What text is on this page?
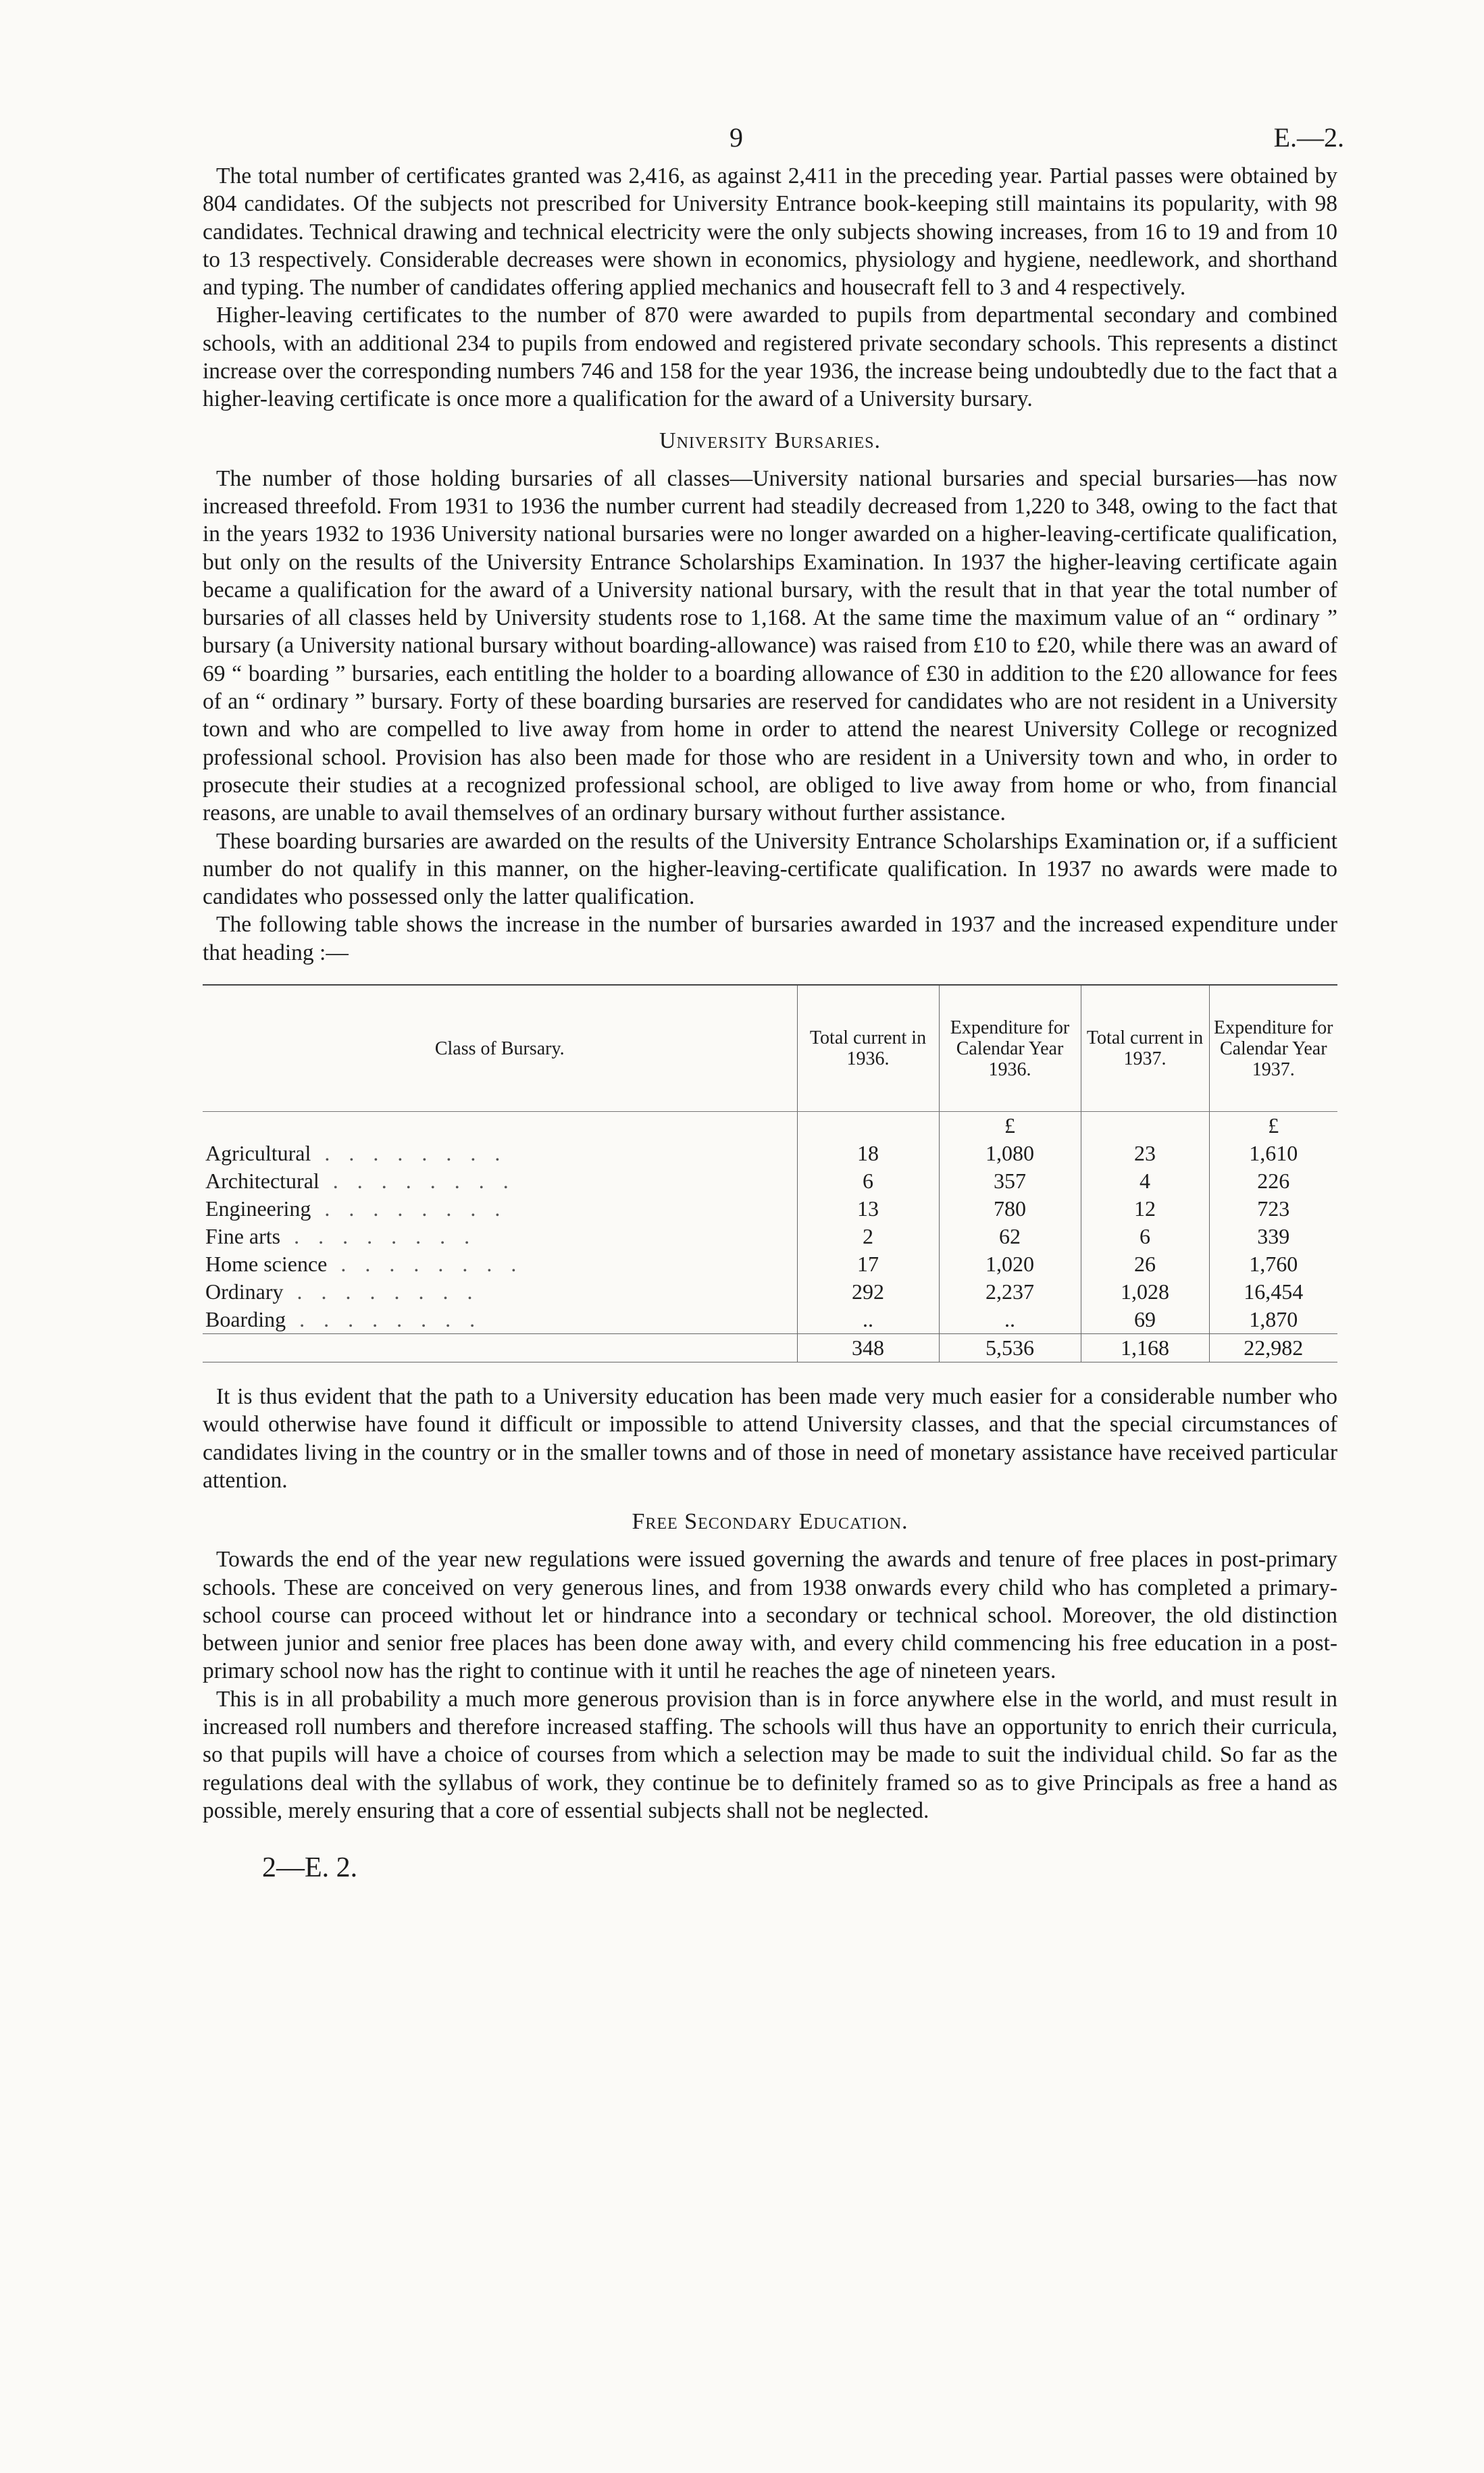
9	E.—2.

The total number of certificates granted was 2,416, as against 2,411 in the preceding year. Partial passes were obtained by 804 candidates. Of the subjects not prescribed for University Entrance book-keeping still maintains its popularity, with 98 candidates. Technical drawing and technical electricity were the only subjects showing increases, from 16 to 19 and from 10 to 13 respectively. Considerable decreases were shown in economics, physiology and hygiene, needlework, and shorthand and typing. The number of candidates offering applied mechanics and housecraft fell to 3 and 4 respectively.

Higher-leaving certificates to the number of 870 were awarded to pupils from departmental secondary and combined schools, with an additional 234 to pupils from endowed and registered private secondary schools. This represents a distinct increase over the corresponding numbers 746 and 158 for the year 1936, the increase being undoubtedly due to the fact that a higher-leaving certificate is once more a qualification for the award of a University bursary.

University Bursaries.

The number of those holding bursaries of all classes—University national bursaries and special bursaries—has now increased threefold. From 1931 to 1936 the number current had steadily decreased from 1,220 to 348, owing to the fact that in the years 1932 to 1936 University national bursaries were no longer awarded on a higher-leaving-certificate qualification, but only on the results of the University Entrance Scholarships Examination. In 1937 the higher-leaving certificate again became a qualification for the award of a University national bursary, with the result that in that year the total number of bursaries of all classes held by University students rose to 1,168. At the same time the maximum value of an “ ordinary ” bursary (a University national bursary without boarding-allowance) was raised from £10 to £20, while there was an award of 69 “ boarding ” bursaries, each entitling the holder to a boarding allowance of £30 in addition to the £20 allowance for fees of an “ ordinary ” bursary. Forty of these boarding bursaries are reserved for candidates who are not resident in a University town and who are compelled to live away from home in order to attend the nearest University College or recognized professional school. Provision has also been made for those who are resident in a University town and who, in order to prosecute their studies at a recognized professional school, are obliged to live away from home or who, from financial reasons, are unable to avail themselves of an ordinary bursary without further assistance.

These boarding bursaries are awarded on the results of the University Entrance Scholarships Examination or, if a sufficient number do not qualify in this manner, on the higher-leaving-certificate qualification. In 1937 no awards were made to candidates who possessed only the latter qualification.

The following table shows the increase in the number of bursaries awarded in 1937 and the increased expenditure under that heading :—

Class of Bursary.	Total current in 1936.	Expenditure for Calendar Year 1936.	Total current in 1937.	Expenditure for Calendar Year 1937.
		£		£
Agricultural . . . . . . . .	18	1,080	23	1,610
Architectural . . . . . . . .	6	357	4	226
Engineering . . . . . . . .	13	780	12	723
Fine arts . . . . . . . .	2	62	6	339
Home science . . . . . . . .	17	1,020	26	1,760
Ordinary . . . . . . . .	292	2,237	1,028	16,454
Boarding . . . . . . . .	..	..	69	1,870
	348	5,536	1,168	22,982

It is thus evident that the path to a University education has been made very much easier for a considerable number who would otherwise have found it difficult or impossible to attend University classes, and that the special circumstances of candidates living in the country or in the smaller towns and of those in need of monetary assistance have received particular attention.

Free Secondary Education.

Towards the end of the year new regulations were issued governing the awards and tenure of free places in post-primary schools. These are conceived on very generous lines, and from 1938 onwards every child who has completed a primary-school course can proceed without let or hindrance into a secondary or technical school. Moreover, the old distinction between junior and senior free places has been done away with, and every child commencing his free education in a post-primary school now has the right to continue with it until he reaches the age of nineteen years.

This is in all probability a much more generous provision than is in force anywhere else in the world, and must result in increased roll numbers and therefore increased staffing. The schools will thus have an opportunity to enrich their curricula, so that pupils will have a choice of courses from which a selection may be made to suit the individual child. So far as the regulations deal with the syllabus of work, they continue be to definitely framed so as to give Principals as free a hand as possible, merely ensuring that a core of essential subjects shall not be neglected.

2—E. 2.
